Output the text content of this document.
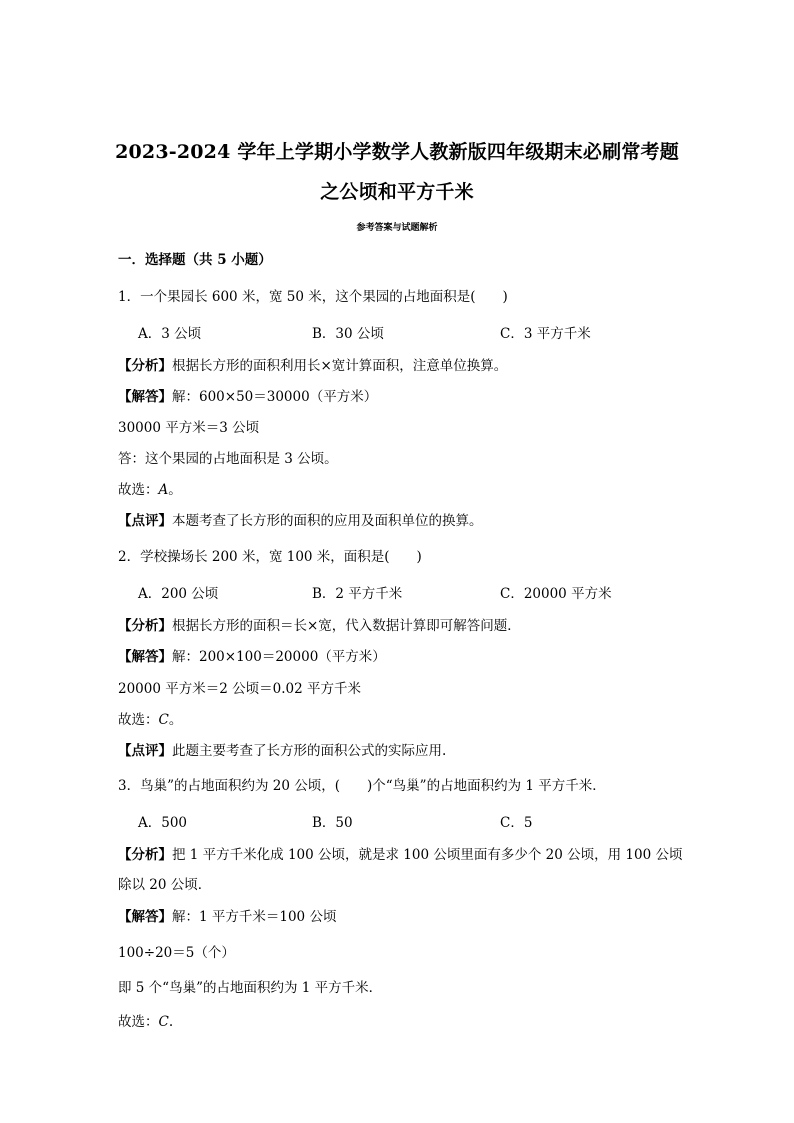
2023-2024 学年上学期小学数学人教新版四年级期末必刷常考题
之公顷和平方千米
参考答案与试题解析
一．选择题（共 5 小题）
1．一个果园长 600 米，宽 50 米，这个果园的占地面积是(　　)
A．3 公顷	B．30 公顷	C．3 平方千米
【分析】根据长方形的面积利用长×宽计算面积，注意单位换算。
【解答】解：600×50＝30000（平方米）
30000 平方米＝3 公顷
答：这个果园的占地面积是 3 公顷。
故选：A。
【点评】本题考查了长方形的面积的应用及面积单位的换算。
2．学校操场长 200 米，宽 100 米，面积是(　　)
A．200 公顷	B．2 平方千米	C．20000 平方米
【分析】根据长方形的面积＝长×宽，代入数据计算即可解答问题．
【解答】解：200×100＝20000（平方米）
20000 平方米＝2 公顷＝0.02 平方千米
故选：C。
【点评】此题主要考查了长方形的面积公式的实际应用.
3．鸟巢”的占地面积约为 20 公顷，(　　)个“鸟巢”的占地面积约为 1 平方千米．
A．500	B．50	C．5
【分析】把 1 平方千米化成 100 公顷，就是求 100 公顷里面有多少个 20 公顷，用 100 公顷
除以 20 公顷．
【解答】解：1 平方千米＝100 公顷
100÷20＝5（个）
即 5 个“鸟巢”的占地面积约为 1 平方千米．
故选：C.
